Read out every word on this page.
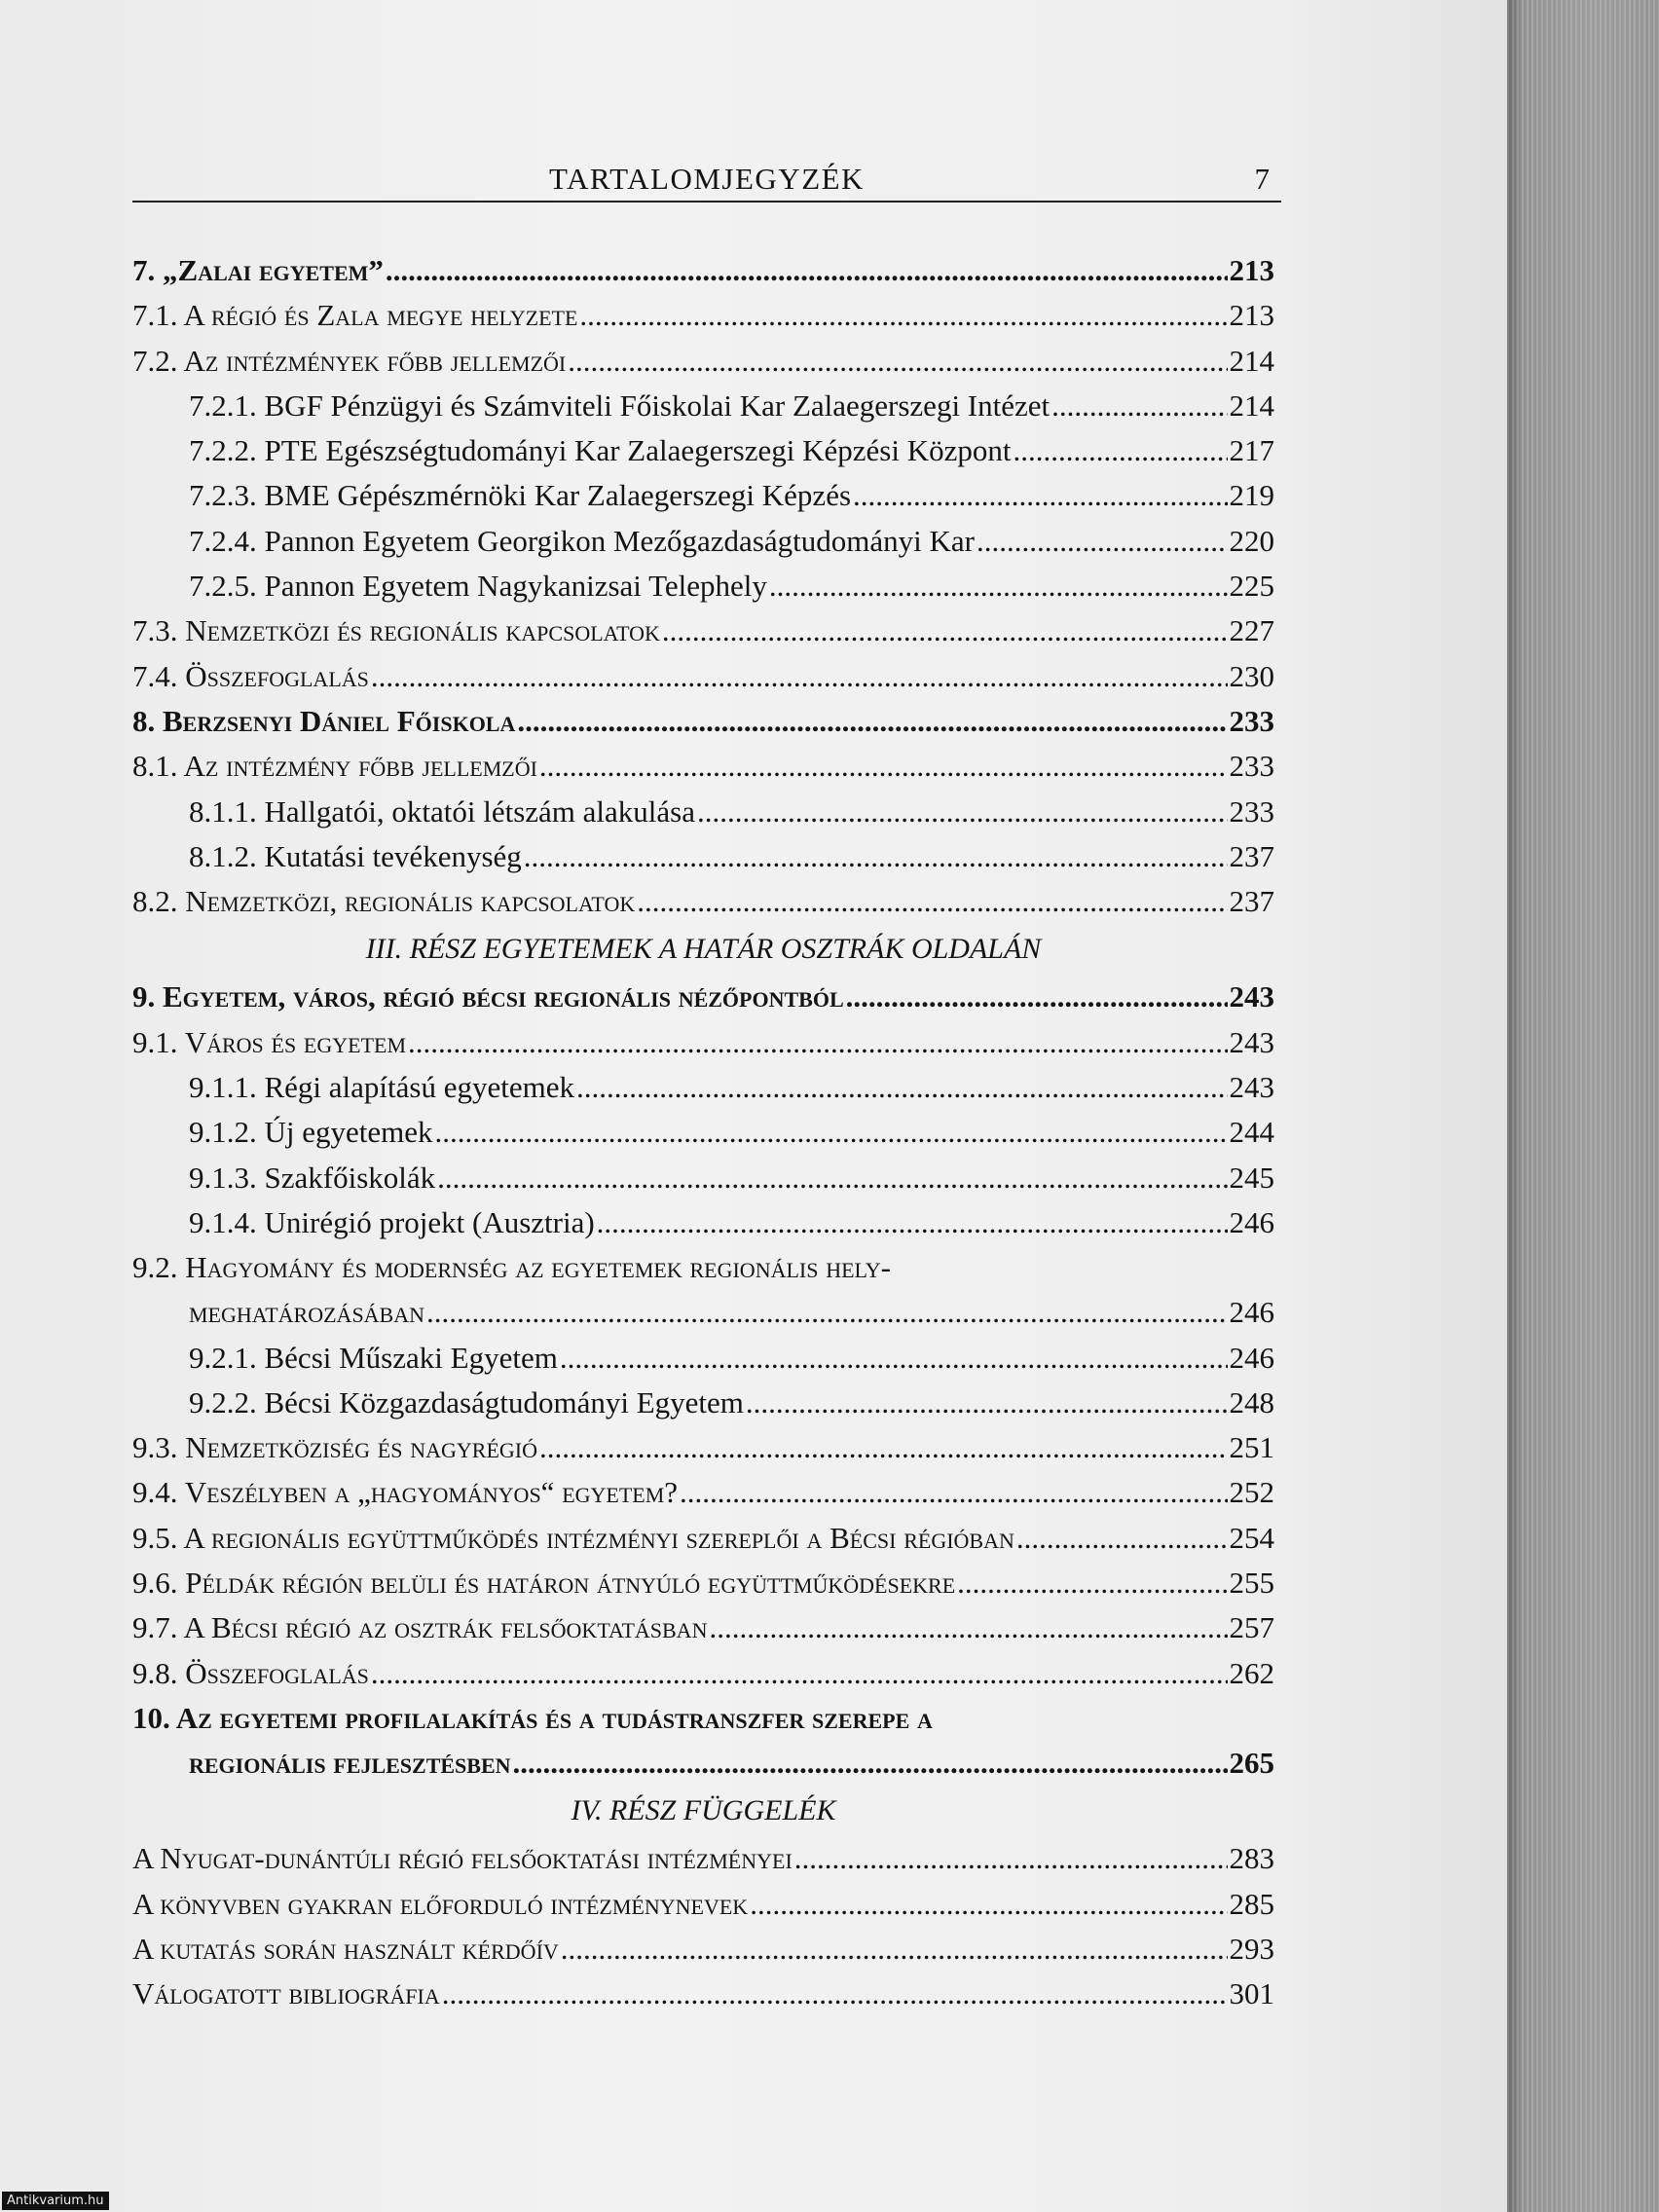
TARTALOMJEGYZÉK	7
7. „Zalai egyetem” .....	213
7.1. A régió és Zala megye helyzete .....	213
7.2. Az intézmények főbb jellemzői .....	214
7.2.1. BGF Pénzügyi és Számviteli Főiskolai Kar Zalaegerszegi Intézet .....	214
7.2.2. PTE Egészségtudományi Kar Zalaegerszegi Képzési Központ .....	217
7.2.3. BME Gépészmérnöki Kar Zalaegerszegi Képzés .....	219
7.2.4. Pannon Egyetem Georgikon Mezőgazdaságtudományi Kar .....	220
7.2.5. Pannon Egyetem Nagykanizsai Telephely .....	225
7.3. Nemzetközi és regionális kapcsolatok .....	227
7.4. Összefoglalás .....	230
8. Berzsenyi Dániel Főiskola .....	233
8.1. Az intézmény főbb jellemzői .....	233
8.1.1. Hallgatói, oktatói létszám alakulása .....	233
8.1.2. Kutatási tevékenység .....	237
8.2. Nemzetközi, regionális kapcsolatok .....	237
III. RÉSZ EGYETEMEK A HATÁR OSZTRÁK OLDALÁN
9. Egyetem, város, régió bécsi regionális nézőpontból .....	243
9.1. Város és egyetem .....	243
9.1.1. Régi alapítású egyetemek .....	243
9.1.2. Új egyetemek .....	244
9.1.3. Szakfőiskolák .....	245
9.1.4. Unirégió projekt (Ausztria) .....	246
9.2. Hagyomány és modernség az egyetemek regionális hely-
meghatározásában .....	246
9.2.1. Bécsi Műszaki Egyetem .....	246
9.2.2. Bécsi Közgazdaságtudományi Egyetem .....	248
9.3. Nemzetköziség és nagyrégió .....	251
9.4. Veszélyben a „hagyományos“ egyetem? .....	252
9.5. A regionális együttműködés intézményi szereplői a Bécsi régióban .....	254
9.6. Példák régión belüli és határon átnyúló együttműködésekre .....	255
9.7. A Bécsi régió az osztrák felsőoktatásban .....	257
9.8. Összefoglalás .....	262
10. Az egyetemi profilalakítás és a tudástranszfer szerepe a
regionális fejlesztésben .....	265
IV. RÉSZ FÜGGELÉK
A Nyugat-dunántúli régió felsőoktatási intézményei .....	283
A könyvben gyakran előforduló intézménynevek .....	285
A kutatás során használt kérdőív .....	293
Válogatott bibliográfia .....	301
Antikvarium.hu
